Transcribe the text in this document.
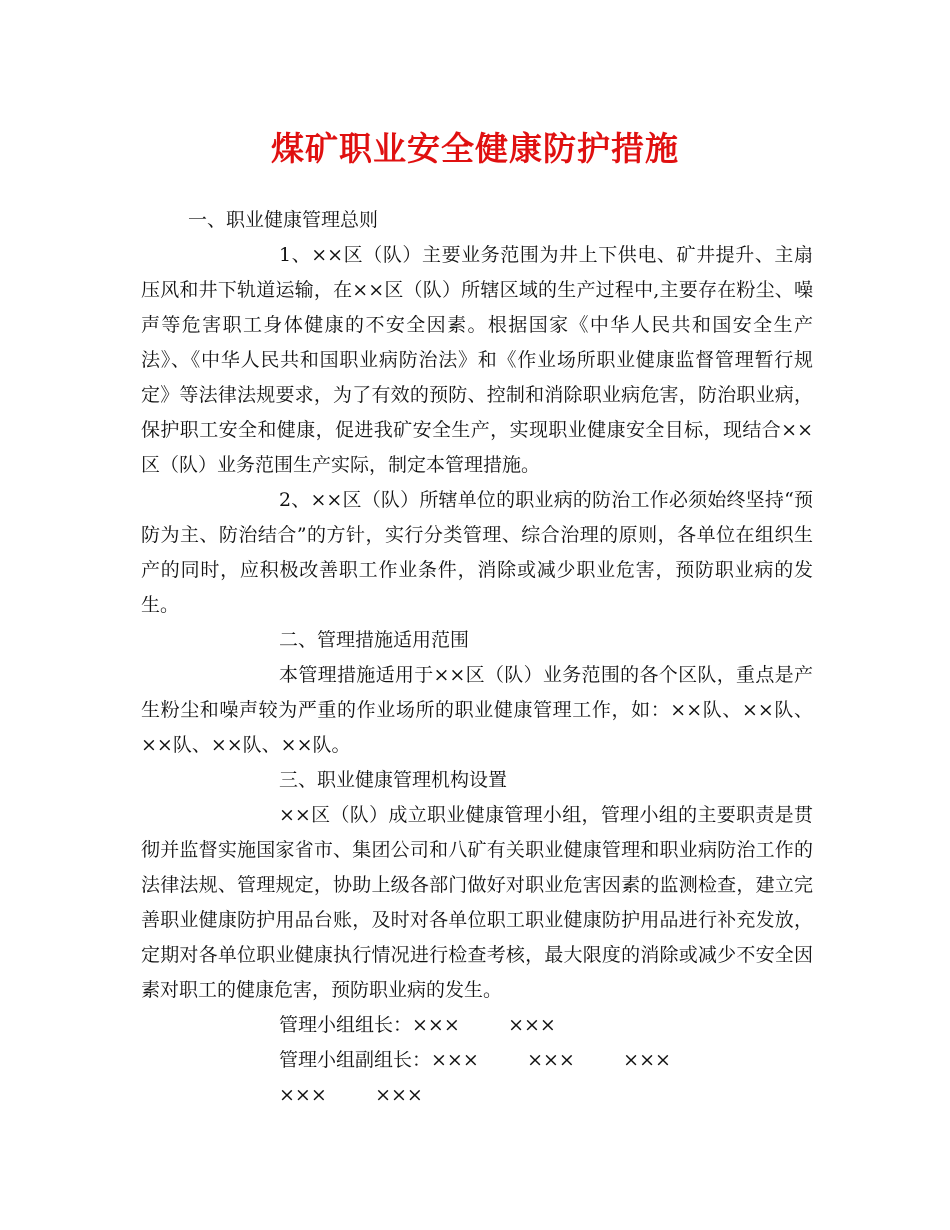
煤矿职业安全健康防护措施

一、职业健康管理总则

1、××区（队）主要业务范围为井上下供电、矿井提升、主扇压风和井下轨道运输，在××区（队）所辖区域的生产过程中,主要存在粉尘、噪声等危害职工身体健康的不安全因素。根据国家《中华人民共和国安全生产法》、《中华人民共和国职业病防治法》和《作业场所职业健康监督管理暂行规定》等法律法规要求，为了有效的预防、控制和消除职业病危害，防治职业病，保护职工安全和健康，促进我矿安全生产，实现职业健康安全目标，现结合××区（队）业务范围生产实际，制定本管理措施。

2、××区（队）所辖单位的职业病的防治工作必须始终坚持“预防为主、防治结合”的方针，实行分类管理、综合治理的原则，各单位在组织生产的同时，应积极改善职工作业条件，消除或减少职业危害，预防职业病的发生。

二、管理措施适用范围

本管理措施适用于××区（队）业务范围的各个区队，重点是产生粉尘和噪声较为严重的作业场所的职业健康管理工作，如：××队、××队、××队、××队、××队。

三、职业健康管理机构设置

××区（队）成立职业健康管理小组，管理小组的主要职责是贯彻并监督实施国家省市、集团公司和八矿有关职业健康管理和职业病防治工作的法律法规、管理规定，协助上级各部门做好对职业危害因素的监测检查，建立完善职业健康防护用品台账，及时对各单位职工职业健康防护用品进行补充发放，定期对各单位职业健康执行情况进行检查考核，最大限度的消除或减少不安全因素对职工的健康危害，预防职业病的发生。

管理小组组长：×××        ×××
管理小组副组长：×××        ×××        ×××
×××        ×××
